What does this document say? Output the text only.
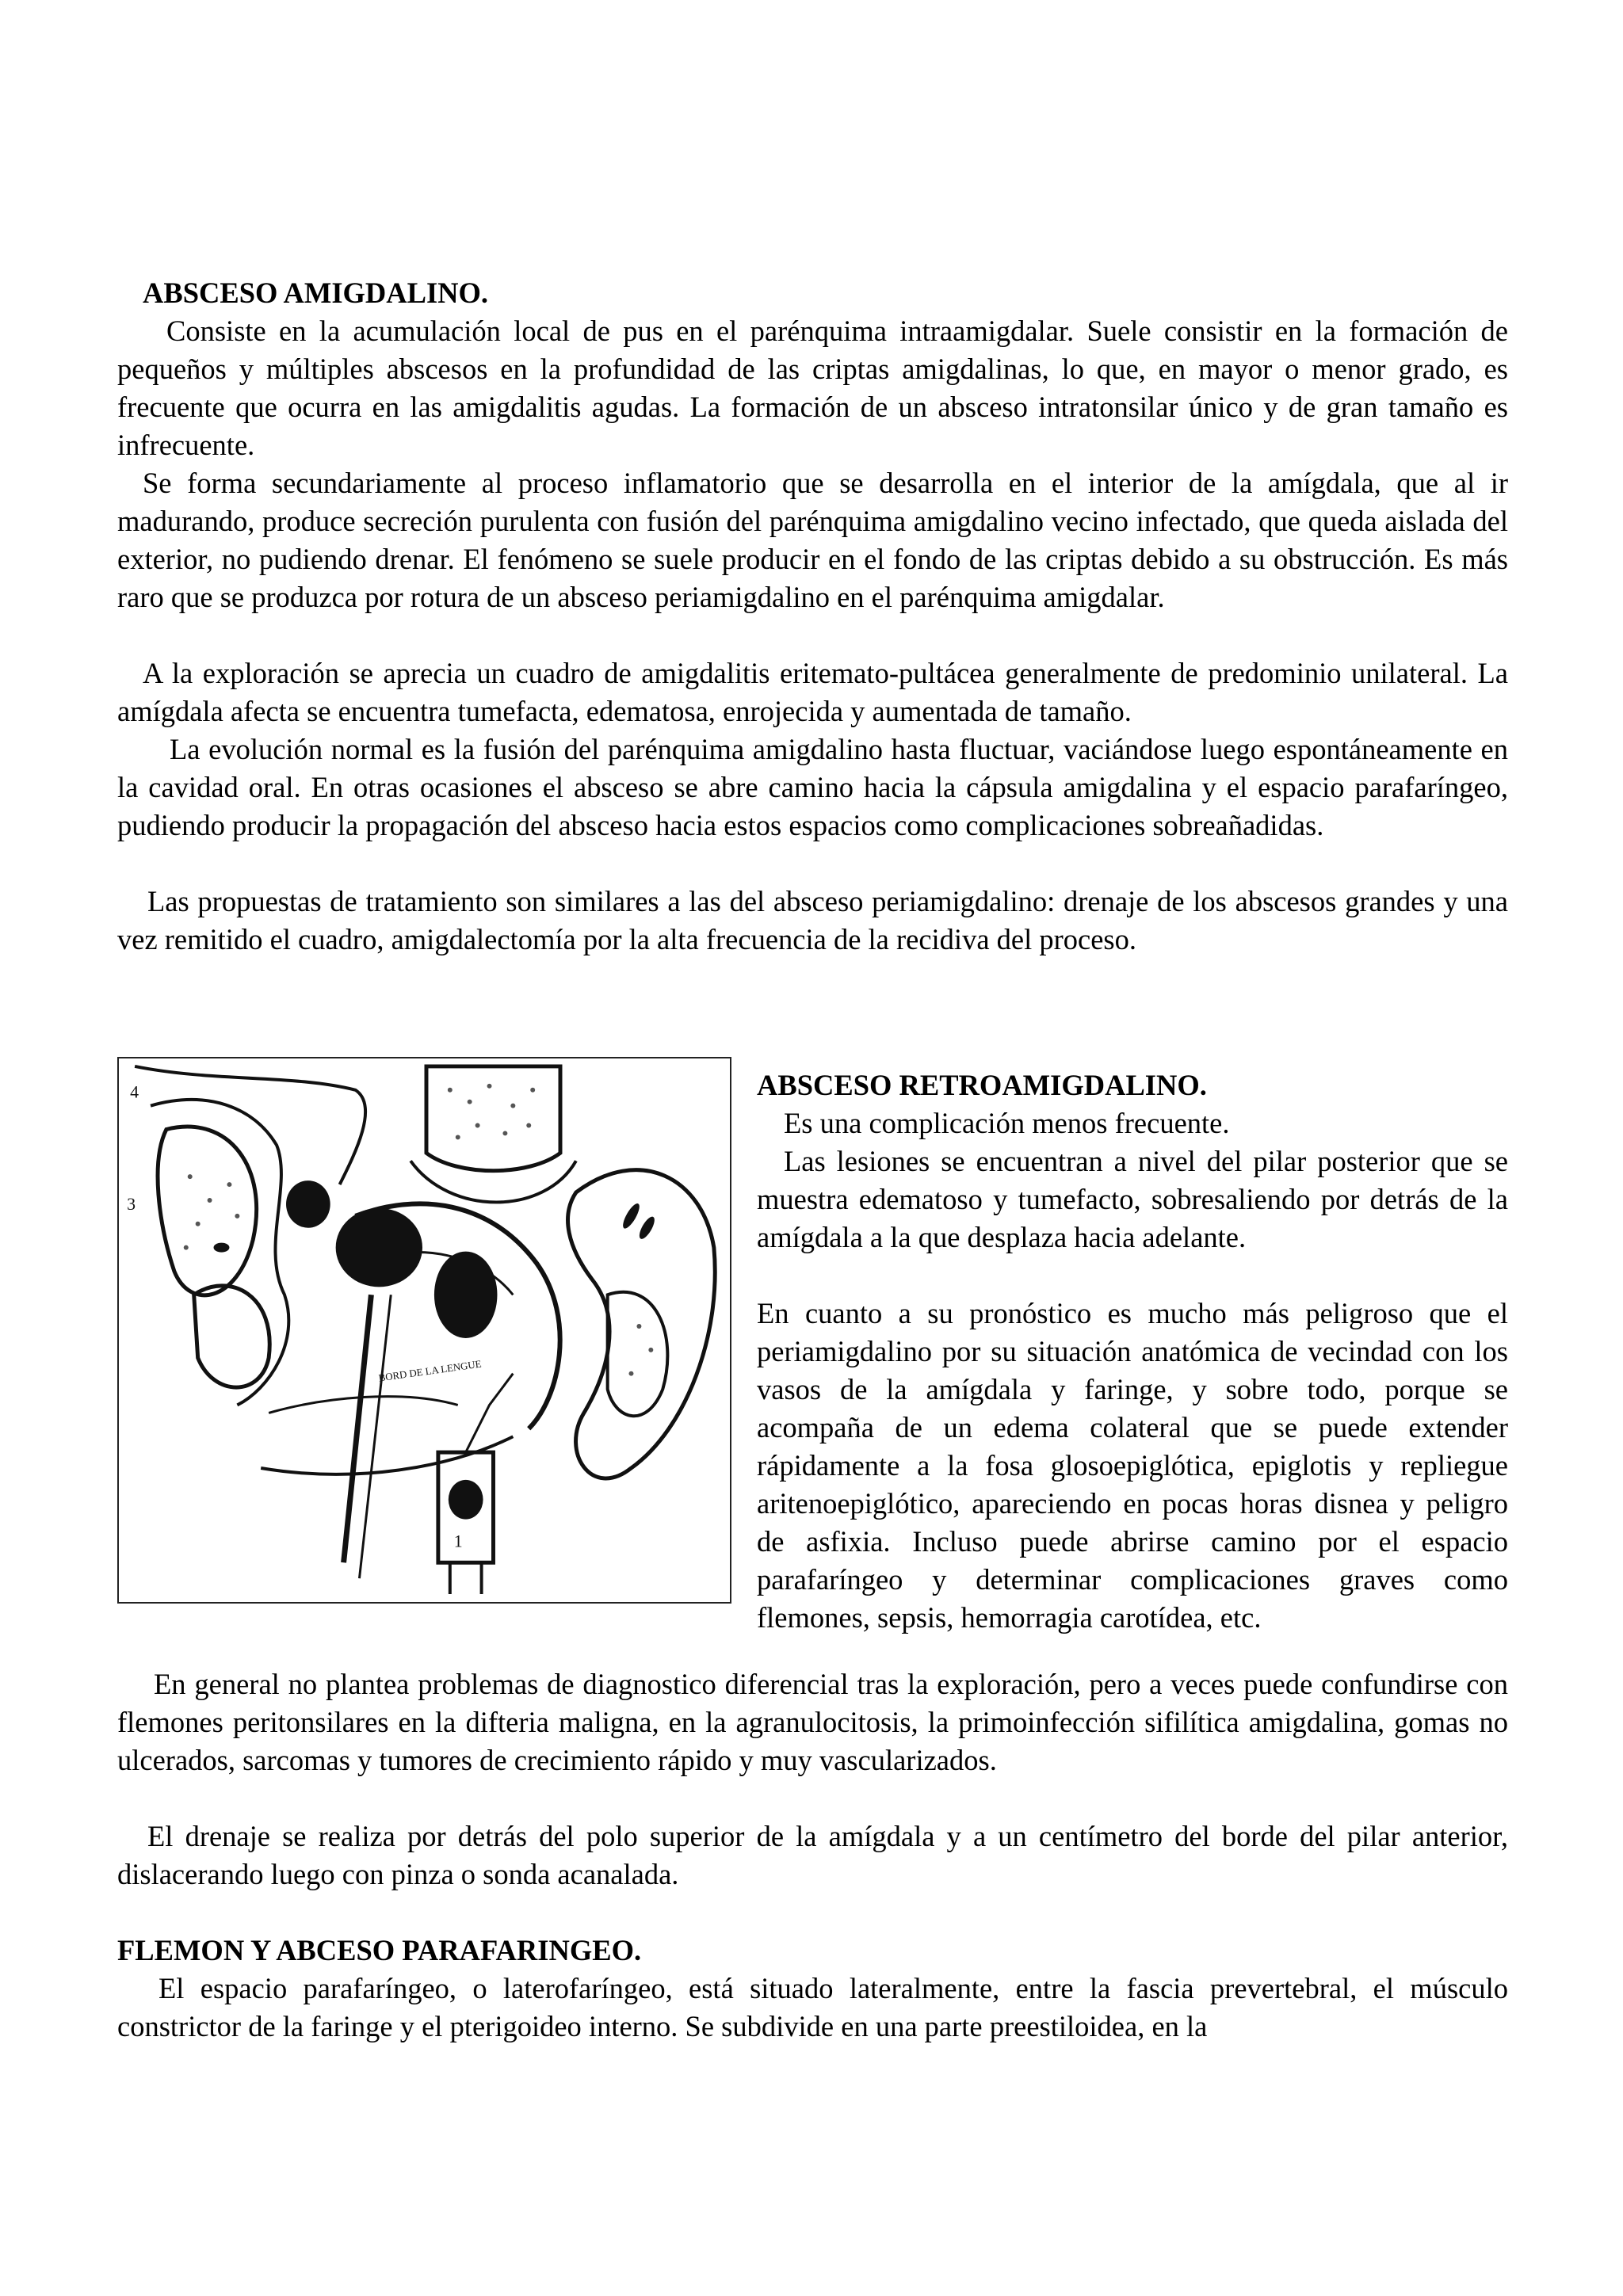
ABSCESO AMIGDALINO.

Consiste en la acumulación local de pus en el parénquima intraamigdalar. Suele consistir en la formación de pequeños y múltiples abscesos en la profundidad de las criptas amigdalinas, lo que, en mayor o menor grado, es frecuente que ocurra en las amigdalitis agudas. La formación de un absceso intratonsilar único y de gran tamaño es infrecuente.

Se forma secundariamente al proceso inflamatorio que se desarrolla en el interior de la amígdala, que al ir madurando, produce secreción purulenta con fusión del parénquima amigdalino vecino infectado, que queda aislada del exterior, no pudiendo drenar. El fenómeno se suele producir en el fondo de las criptas debido a su obstrucción. Es más raro que se produzca por rotura de un absceso periamigdalino en el parénquima amigdalar.

A la exploración se aprecia un cuadro de amigdalitis eritemato-pultácea generalmente de predominio unilateral. La amígdala afecta se encuentra tumefacta, edematosa, enrojecida y aumentada de tamaño.

La evolución normal es la fusión del parénquima amigdalino hasta fluctuar, vaciándose luego espontáneamente en la cavidad oral. En otras ocasiones el absceso se abre camino hacia la cápsula amigdalina y el espacio parafaríngeo, pudiendo producir la propagación del absceso hacia estos espacios como complicaciones sobreañadidas.

Las propuestas de tratamiento son similares a las del absceso periamigdalino: drenaje de los abscesos grandes y una vez remitido el cuadro, amigdalectomía por la alta frecuencia de la recidiva del proceso.

4
3
1
BORD DE LA LENGUE
ABSCESO RETROAMIGDALINO.

Es una complicación menos frecuente.

Las lesiones se encuentran a nivel del pilar posterior que se muestra edematoso y tumefacto, sobresaliendo por detrás de la amígdala a la que desplaza hacia adelante.

En cuanto a su pronóstico es mucho más peligroso que el periamigdalino por su situación anatómica de vecindad con los vasos de la amígdala y faringe, y sobre todo, porque se acompaña de un edema colateral que se puede extender rápidamente a la fosa glosoepiglótica, epiglotis y repliegue aritenoepiglótico, apareciendo en pocas horas disnea y peligro de asfixia. Incluso puede abrirse camino por el espacio parafaríngeo y determinar complicaciones graves como flemones, sepsis, hemorragia carotídea, etc.

En general no plantea problemas de diagnostico diferencial tras la exploración, pero a veces puede confundirse con flemones peritonsilares en la difteria maligna, en la agranulocitosis, la primoinfección sifilítica amigdalina, gomas no ulcerados, sarcomas y tumores de crecimiento rápido y muy vascularizados.

El drenaje se realiza por detrás del polo superior de la amígdala y a un centímetro del borde del pilar anterior, dislacerando luego con pinza o sonda acanalada.

FLEMON Y ABCESO PARAFARINGEO.

El espacio parafaríngeo, o laterofaríngeo, está situado lateralmente, entre la fascia prevertebral, el músculo constrictor de la faringe y el pterigoideo interno. Se subdivide en una parte preestiloidea, en la
